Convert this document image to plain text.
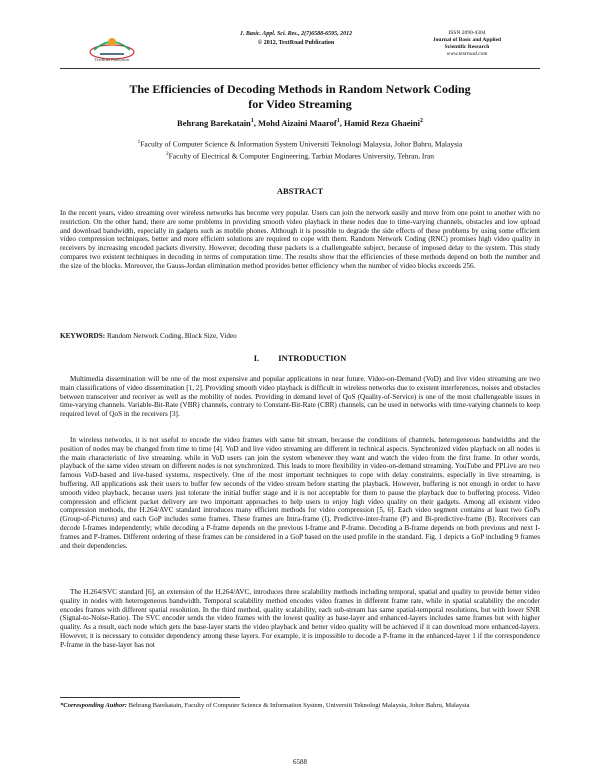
TextRoad Publication
J. Basic. Appl. Sci. Res., 2(7)6588-6595, 2012
© 2012, TextRoad Publication
ISSN 2090-4304
Journal of Basic and Applied
Scientific Research
www.textroad.com
The Efficiencies of Decoding Methods in Random Network Coding
for Video Streaming
Behrang Barekatain$^1$, Mohd Aizaini Maarof$^1$, Hamid Reza Ghaeini$^2$
$^1$Faculty of Computer Science & Information System Universiti Teknologi Malaysia, Johor Bahru, Malaysia
$^2$Faculty of Electrical & Computer Engineering, Tarbiat Modares University, Tehran, Iran
ABSTRACT
In the recent years, video streaming over wireless networks has become very popular. Users can join the network easily and move from one point to another with no restriction. On the other hand, there are some problems in providing smooth video playback in these nodes due to time-varying channels, obstacles and low upload and download bandwidth, especially in gadgets such as mobile phones. Although it is possible to degrade the side effects of these problems by using some efficient video compression techniques, better and more efficient solutions are required to cope with them. Random Network Coding (RNC) promises high video quality in receivers by increasing encoded packets diversity. However, decoding these packets is a challengeable subject, because of imposed delay to the system. This study compares two existent techniques in decoding in terms of computation time. The results show that the efficiencies of these methods depend on both the number and the size of the blocks. Moreover, the Gauss-Jordan elimination method provides better efficiency when the number of video blocks exceeds 256.
KEYWORDS: Random Network Coding, Block Size, Video
I.         INTRODUCTION
Multimedia dissemination will be one of the most expensive and popular applications in near future. Video-on-Demand (VoD) and live video streaming are two main classifications of video dissemination [1, 2]. Providing smooth video playback is difficult in wireless networks due to existent interferences, noises and obstacles between transceiver and receiver as well as the mobility of nodes. Providing in demand level of QoS (Quality-of-Service) is one of the most challengeable issues in time-varying channels. Variable-Bit-Rate (VBR) channels, contrary to Constant-Bit-Rate (CBR) channels, can be used in networks with time-varying channels to keep required level of QoS in the receivers [3].
In wireless networks, it is not useful to encode the video frames with same bit stream, because the conditions of channels, heterogeneous bandwidths and the position of nodes may be changed from time to time [4]. VoD and live video streaming are different in technical aspects. Synchronized video playback on all nodes is the main characteristic of live streaming, while in VoD users can join the system whenever they want and watch the video from the first frame. In other words, playback of the same video stream on different nodes is not synchronized. This leads to more flexibility in video-on-demand streaming. YouTube and PPLive are two famous VoD-based and live-based systems, respectively. One of the most important techniques to cope with delay constraints, especially in live streaming, is buffering. All applications ask their users to buffer few seconds of the video stream before starting the playback. However, buffering is not enough in order to have smooth video playback, because users just tolerate the initial buffer stage and it is not acceptable for them to pause the playback due to buffering process. Video compression and efficient packet delivery are two important approaches to help users to enjoy high video quality on their gadgets. Among all existent video compression methods, the H.264/AVC standard introduces many efficient methods for video compression [5, 6]. Each video segment contains at least two GoPs (Group-of-Pictures) and each GoP includes some frames. These frames are Intra-frame (I), Predictive-inter-frame (P) and Bi-predictive-frame (B). Receivers can decode I-frames independently; while decoding a P-frame depends on the previous I-frame and P-frame. Decoding a B-frame depends on both previous and next I-frames and P-frames. Different ordering of these frames can be considered in a GoP based on the used profile in the standard. Fig. 1 depicts a GoP including 9 frames and their dependencies.
The H.264/SVC standard [6], an extension of the H.264/AVC, introduces three scalability methods including temporal, spatial and quality to provide better video quality in nodes with heterogeneous bandwidth. Temporal scalability method encodes video frames in different frame rate, while in spatial scalability the encoder encodes frames with different spatial resolution. In the third method, quality scalability, each sub-stream has same spatial-temporal resolutions, but with lower SNR (Signal-to-Noise-Ratio). The SVC encoder sends the video frames with the lowest quality as base-layer and enhanced-layers includes same frames but with higher quality. As a result, each node which gets the base-layer starts the video playback and better video quality will be achieved if it can download more enhanced-layers. However, it is necessary to consider dependency among these layers. For example, it is impossible to decode a P-frame in the enhanced-layer 1 if the correspondence P-frame in the base-layer has not
*Corresponding Author: Behrang Barekatain, Faculty of Computer Science & Information System, Universiti Teknologi Malaysia, Johor Bahru, Malaysia
6588
